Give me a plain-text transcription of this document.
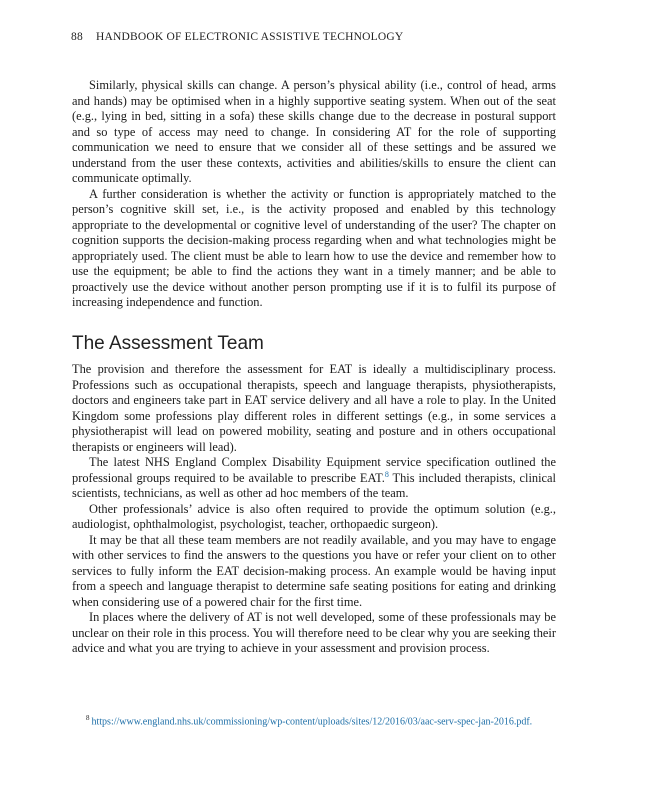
88 HANDBOOK OF ELECTRONIC ASSISTIVE TECHNOLOGY

Similarly, physical skills can change. A person’s physical ability (i.e., control of head, arms and hands) may be optimised when in a highly supportive seating system. When out of the seat (e.g., lying in bed, sitting in a sofa) these skills change due to the decrease in postural support and so type of access may need to change. In considering AT for the role of supporting communication we need to ensure that we consider all of these settings and be assured we understand from the user these contexts, activities and abilities/skills to ensure the client can communicate optimally.

A further consideration is whether the activity or function is appropriately matched to the person’s cognitive skill set, i.e., is the activity proposed and enabled by this technology appropriate to the developmental or cognitive level of understanding of the user? The chapter on cognition supports the decision-making process regarding when and what technologies might be appropriately used. The client must be able to learn how to use the device and remember how to use the equipment; be able to find the actions they want in a timely manner; and be able to proactively use the device without another person prompting use if it is to fulfil its purpose of increasing independence and function.

The Assessment Team

The provision and therefore the assessment for EAT is ideally a multidisciplinary process. Professions such as occupational therapists, speech and language therapists, physiotherapists, doctors and engineers take part in EAT service delivery and all have a role to play. In the United Kingdom some professions play different roles in different settings (e.g., in some services a physiotherapist will lead on powered mobility, seating and posture and in others occupational therapists or engineers will lead).

The latest NHS England Complex Disability Equipment service specification outlined the professional groups required to be available to prescribe EAT.$^8$ This included therapists, clinical scientists, technicians, as well as other ad hoc members of the team.

Other professionals’ advice is also often required to provide the optimum solution (e.g., audiologist, ophthalmologist, psychologist, teacher, orthopaedic surgeon).

It may be that all these team members are not readily available, and you may have to engage with other services to find the answers to the questions you have or refer your client on to other services to fully inform the EAT decision-making process. An example would be having input from a speech and language therapist to determine safe seating positions for eating and drinking when considering use of a powered chair for the first time.

In places where the delivery of AT is not well developed, some of these professionals may be unclear on their role in this process. You will therefore need to be clear why you are seeking their advice and what you are trying to achieve in your assessment and provision process.

$^8$ https://www.england.nhs.uk/commissioning/wp-content/uploads/sites/12/2016/03/aac-serv-spec-jan-2016.pdf.
